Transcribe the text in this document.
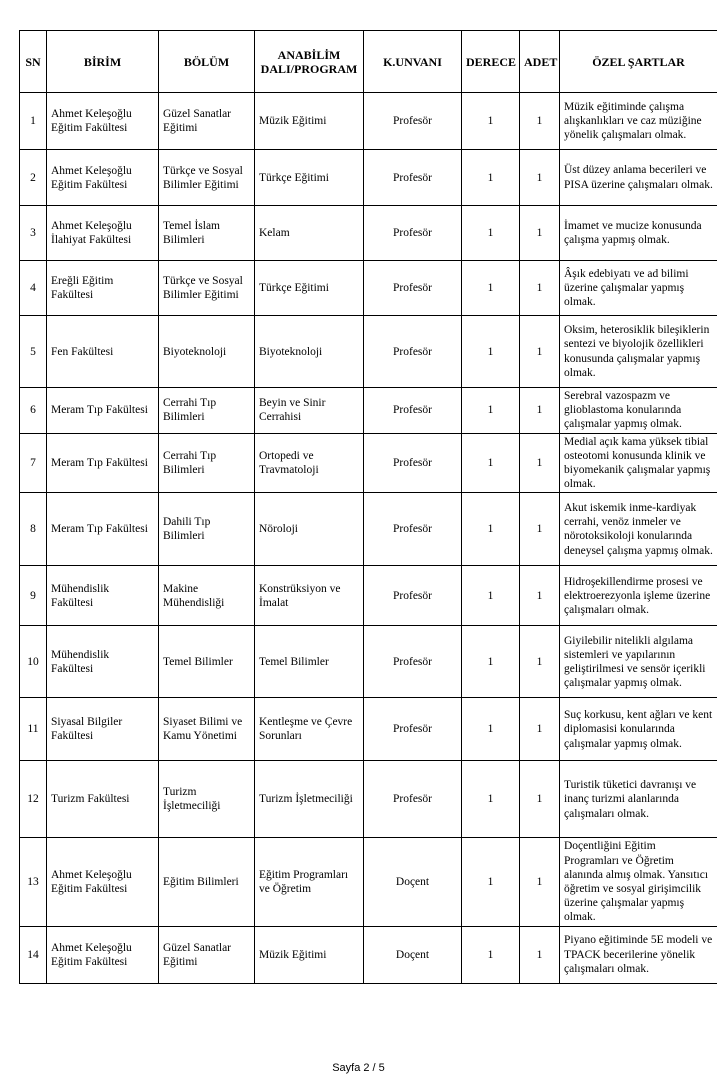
SN	BİRİM	BÖLÜM	ANABİLİM DALI/PROGRAM	K.UNVANI	DERECE	ADET	ÖZEL ŞARTLAR
1	Ahmet Keleşoğlu Eğitim Fakültesi	Güzel Sanatlar Eğitimi	Müzik Eğitimi	Profesör	1	1	Müzik eğitiminde çalışma alışkanlıkları ve caz müziğine yönelik çalışmaları olmak.
2	Ahmet Keleşoğlu Eğitim Fakültesi	Türkçe ve Sosyal Bilimler Eğitimi	Türkçe Eğitimi	Profesör	1	1	Üst düzey anlama becerileri ve PISA üzerine çalışmaları olmak.
3	Ahmet Keleşoğlu İlahiyat Fakültesi	Temel İslam Bilimleri	Kelam	Profesör	1	1	İmamet ve mucize konusunda çalışma yapmış olmak.
4	Ereğli Eğitim Fakültesi	Türkçe ve Sosyal Bilimler Eğitimi	Türkçe Eğitimi	Profesör	1	1	Âşık edebiyatı ve ad bilimi üzerine çalışmalar yapmış olmak.
5	Fen Fakültesi	Biyoteknoloji	Biyoteknoloji	Profesör	1	1	Oksim, heterosiklik bileşiklerin sentezi ve biyolojik özellikleri konusunda çalışmalar yapmış olmak.
6	Meram Tıp Fakültesi	Cerrahi Tıp Bilimleri	Beyin ve Sinir Cerrahisi	Profesör	1	1	Serebral vazospazm ve glioblastoma konularında çalışmalar yapmış olmak.
7	Meram Tıp Fakültesi	Cerrahi Tıp Bilimleri	Ortopedi ve Travmatoloji	Profesör	1	1	Medial açık kama yüksek tibial osteotomi konusunda klinik ve biyomekanik çalışmalar yapmış olmak.
8	Meram Tıp Fakültesi	Dahili Tıp Bilimleri	Nöroloji	Profesör	1	1	Akut iskemik inme-kardiyak cerrahi, venöz inmeler ve nörotoksikoloji konularında deneysel çalışma yapmış olmak.
9	Mühendislik Fakültesi	Makine Mühendisliği	Konstrüksiyon ve İmalat	Profesör	1	1	Hidroşekillendirme prosesi ve elektroerezyonla işleme üzerine çalışmaları olmak.
10	Mühendislik Fakültesi	Temel Bilimler	Temel Bilimler	Profesör	1	1	Giyilebilir nitelikli algılama sistemleri ve yapılarının geliştirilmesi ve sensör içerikli çalışmalar yapmış olmak.
11	Siyasal Bilgiler Fakültesi	Siyaset Bilimi ve Kamu Yönetimi	Kentleşme ve Çevre Sorunları	Profesör	1	1	Suç korkusu, kent ağları ve kent diplomasisi konularında çalışmalar yapmış olmak.
12	Turizm Fakültesi	Turizm İşletmeciliği	Turizm İşletmeciliği	Profesör	1	1	Turistik tüketici davranışı ve inanç turizmi alanlarında çalışmaları olmak.
13	Ahmet Keleşoğlu Eğitim Fakültesi	Eğitim Bilimleri	Eğitim Programları ve Öğretim	Doçent	1	1	Doçentliğini Eğitim Programları ve Öğretim alanında almış olmak. Yansıtıcı öğretim ve sosyal girişimcilik üzerine çalışmalar yapmış olmak.
14	Ahmet Keleşoğlu Eğitim Fakültesi	Güzel Sanatlar Eğitimi	Müzik Eğitimi	Doçent	1	1	Piyano eğitiminde 5E modeli ve TPACK becerilerine yönelik çalışmaları olmak.
Sayfa 2 / 5
